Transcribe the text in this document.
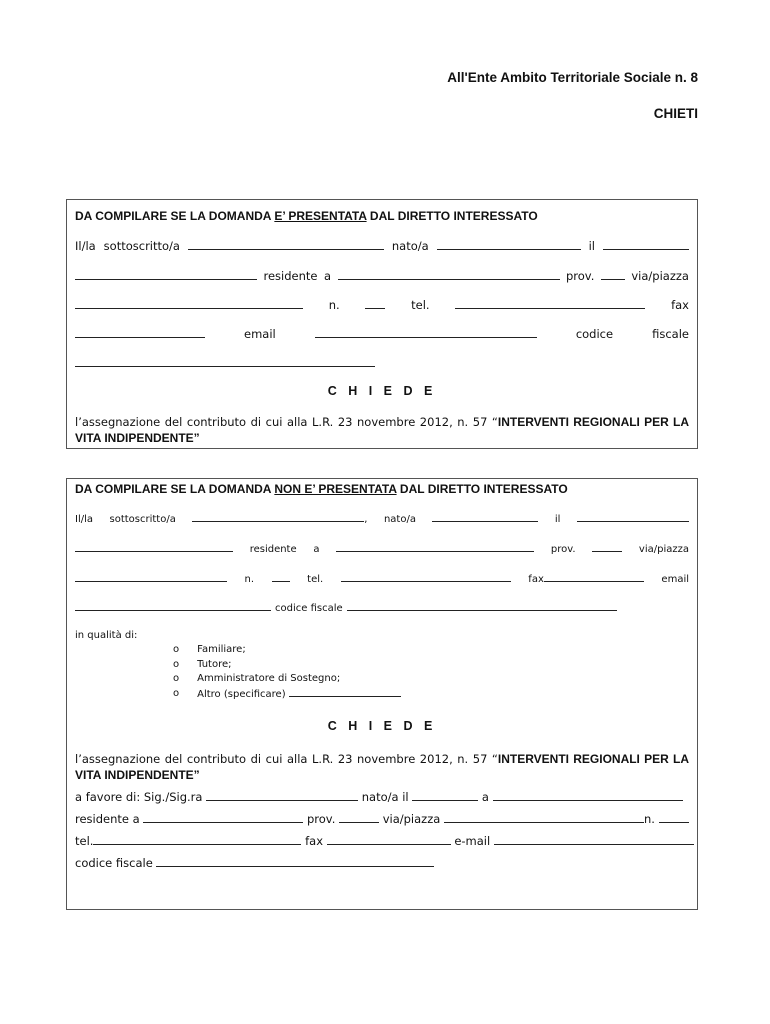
All'Ente Ambito Territoriale Sociale n. 8
CHIETI
DA COMPILARE SE LA DOMANDA E’ PRESENTATA DAL DIRETTO INTERESSATO
Il/la sottoscritto/a	nato/a	il
residente a	prov.	via/piazza
n.	tel.	fax
email	codice	fiscale
C H I E D E
l’assegnazione del contributo di cui alla L.R. 23 novembre 2012, n. 57 “INTERVENTI REGIONALI PER LA VITA INDIPENDENTE”
DA COMPILARE SE LA DOMANDA NON E’ PRESENTATA DAL DIRETTO INTERESSATO
Il/la sottoscritto/a	, nato/a	il
residente a	prov.	via/piazza
n.	tel.	fax	email
codice fiscale
in qualità di:
o Familiare;
o Tutore;
o Amministratore di Sostegno;
o Altro (specificare)
C H I E D E
l’assegnazione del contributo di cui alla L.R. 23 novembre 2012, n. 57 “INTERVENTI REGIONALI PER LA VITA INDIPENDENTE”
a favore di: Sig./Sig.ra	nato/a il	a
residente a	prov.	via/piazza	n.
tel.	fax	e-mail
codice fiscale
